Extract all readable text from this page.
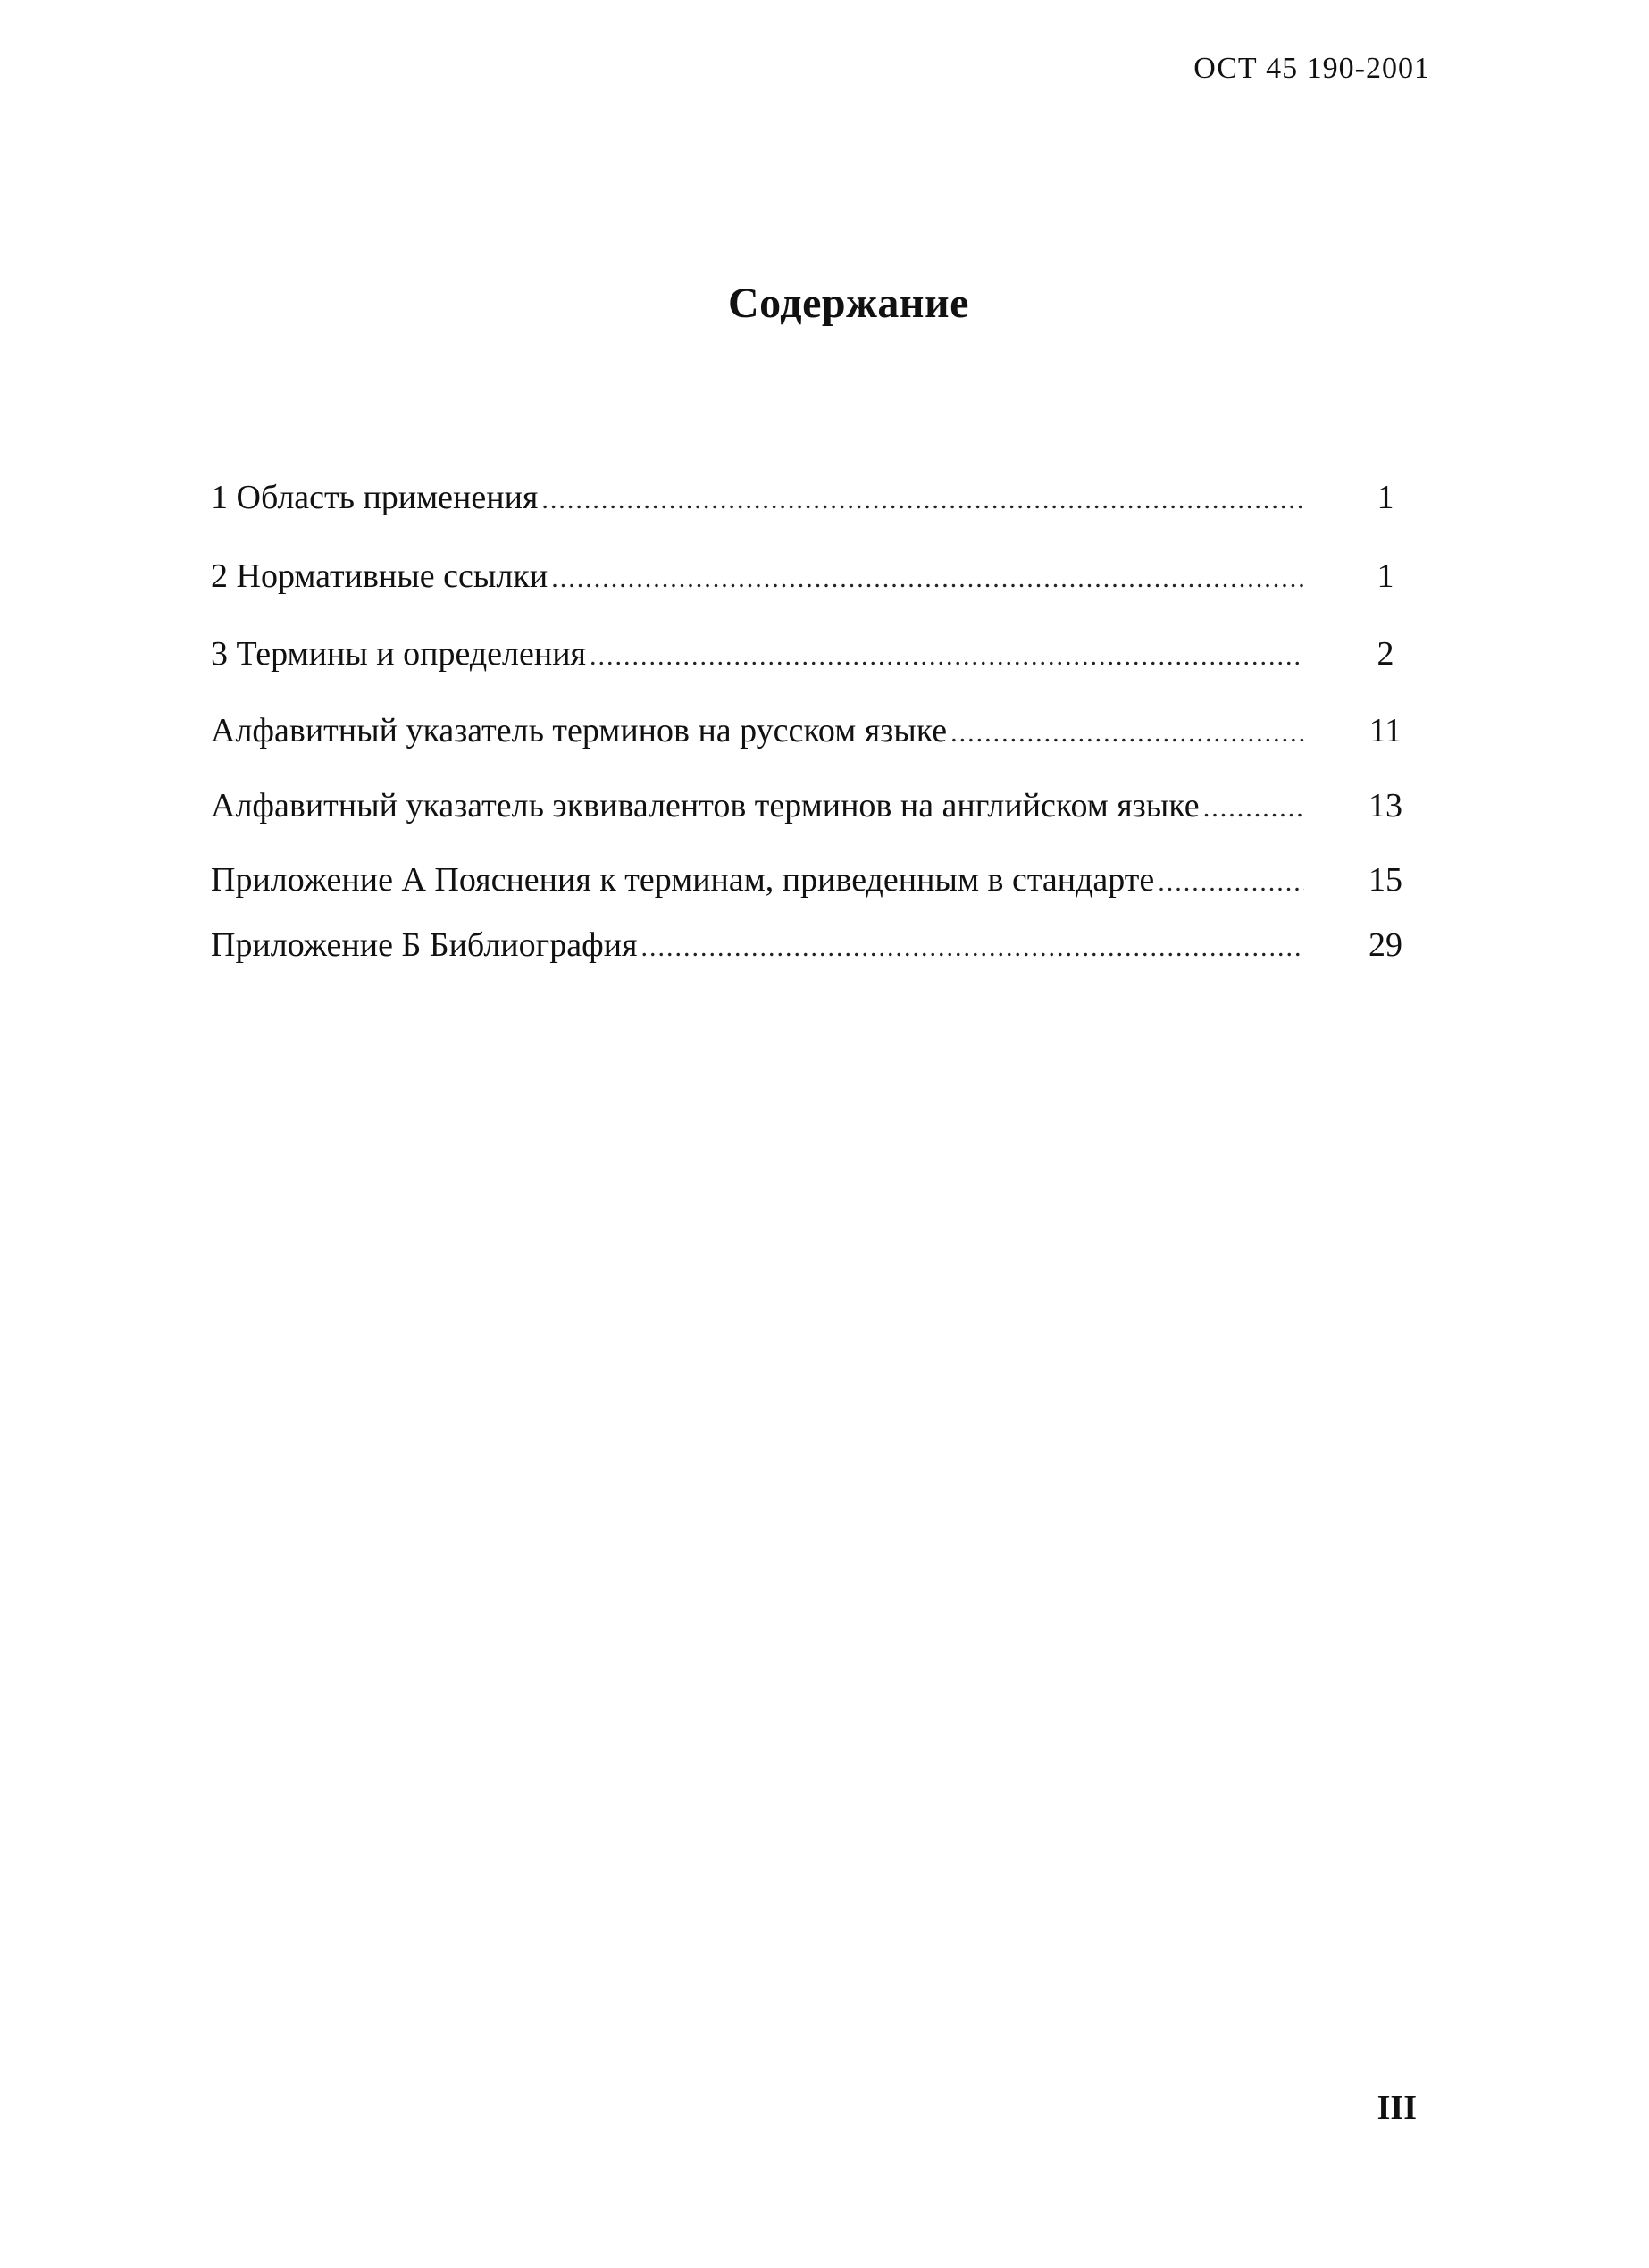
ОСТ 45 190-2001
Содержание
1 Область применения .....	1
2 Нормативные ссылки .....	1
3 Термины и определения .....	2
Алфавитный указатель терминов на русском языке .....	11
Алфавитный указатель эквивалентов терминов на английском языке .....	13
Приложение А Пояснения к терминам, приведенным в стандарте .....	15
Приложение Б Библиография .....	29
III
